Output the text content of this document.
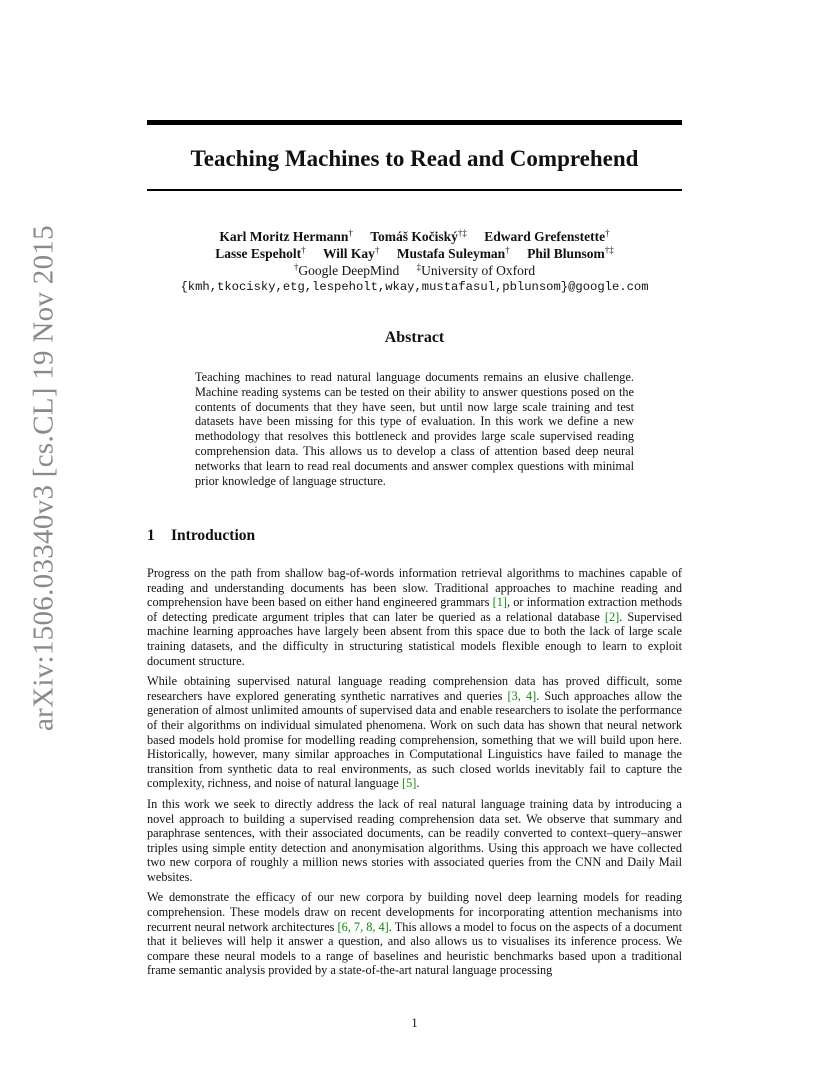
arXiv:1506.03340v3 [cs.CL] 19 Nov 2015
Teaching Machines to Read and Comprehend
Karl Moritz Hermann† Tomáš Kočiský†‡ Edward Grefenstette†
Lasse Espeholt† Will Kay† Mustafa Suleyman† Phil Blunsom†‡
†Google DeepMind ‡University of Oxford
{kmh,tkocisky,etg,lespeholt,wkay,mustafasul,pblunsom}@google.com
Abstract
Teaching machines to read natural language documents remains an elusive challenge. Machine reading systems can be tested on their ability to answer questions posed on the contents of documents that they have seen, but until now large scale training and test datasets have been missing for this type of evaluation. In this work we define a new methodology that resolves this bottleneck and provides large scale supervised reading comprehension data. This allows us to develop a class of attention based deep neural networks that learn to read real documents and answer complex questions with minimal prior knowledge of language structure.
1 Introduction

Progress on the path from shallow bag-of-words information retrieval algorithms to machines capable of reading and understanding documents has been slow. Traditional approaches to machine reading and comprehension have been based on either hand engineered grammars [1], or information extraction methods of detecting predicate argument triples that can later be queried as a relational database [2]. Supervised machine learning approaches have largely been absent from this space due to both the lack of large scale training datasets, and the difficulty in structuring statistical models flexible enough to learn to exploit document structure.

While obtaining supervised natural language reading comprehension data has proved difficult, some researchers have explored generating synthetic narratives and queries [3, 4]. Such approaches allow the generation of almost unlimited amounts of supervised data and enable researchers to isolate the performance of their algorithms on individual simulated phenomena. Work on such data has shown that neural network based models hold promise for modelling reading comprehension, something that we will build upon here. Historically, however, many similar approaches in Computational Linguistics have failed to manage the transition from synthetic data to real environments, as such closed worlds inevitably fail to capture the complexity, richness, and noise of natural language [5].

In this work we seek to directly address the lack of real natural language training data by introducing a novel approach to building a supervised reading comprehension data set. We observe that summary and paraphrase sentences, with their associated documents, can be readily converted to context–query–answer triples using simple entity detection and anonymisation algorithms. Using this approach we have collected two new corpora of roughly a million news stories with associated queries from the CNN and Daily Mail websites.

We demonstrate the efficacy of our new corpora by building novel deep learning models for reading comprehension. These models draw on recent developments for incorporating attention mechanisms into recurrent neural network architectures [6, 7, 8, 4]. This allows a model to focus on the aspects of a document that it believes will help it answer a question, and also allows us to visualises its inference process. We compare these neural models to a range of baselines and heuristic benchmarks based upon a traditional frame semantic analysis provided by a state-of-the-art natural language processing

1
